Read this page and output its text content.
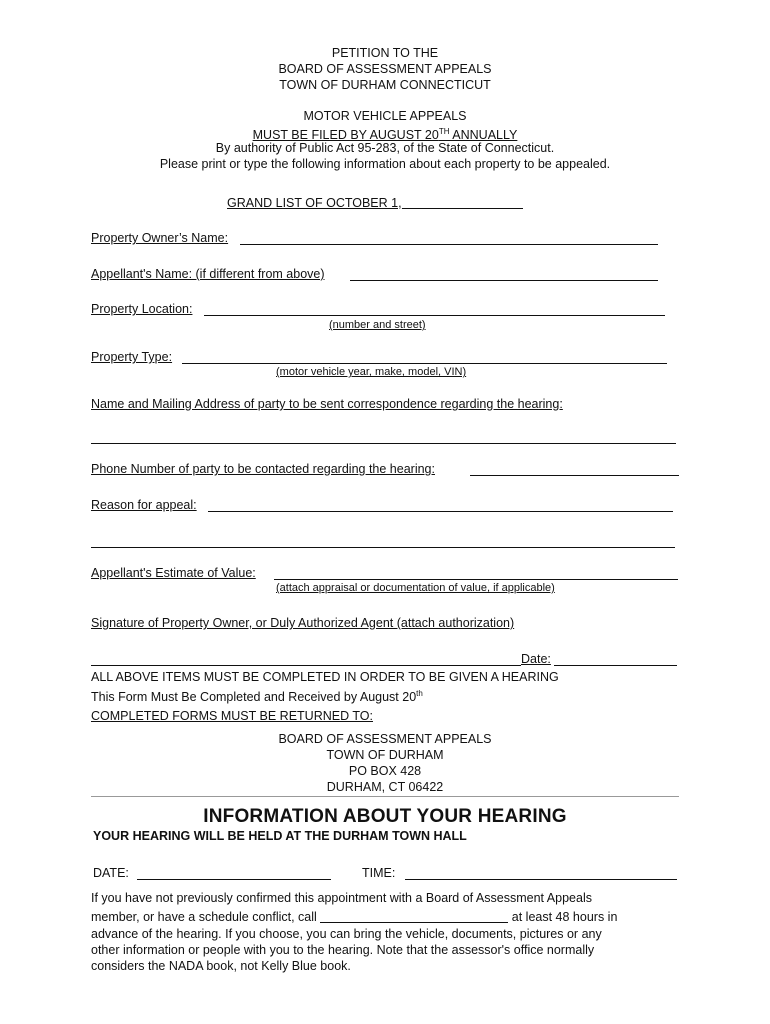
PETITION TO THE
BOARD OF ASSESSMENT APPEALS
TOWN OF DURHAM CONNECTICUT
MOTOR VEHICLE APPEALS
MUST BE FILED BY AUGUST 20TH ANNUALLY
By authority of Public Act 95-283, of the State of Connecticut.
Please print or type the following information about each property to be appealed.
GRAND LIST OF OCTOBER 1,
Property Owner’s Name:
Appellant's Name: (if different from above)
Property Location:
(number and street)
Property Type:
(motor vehicle year, make, model, VIN)
Name and Mailing Address of party to be sent correspondence regarding the hearing:
Phone Number of party to be contacted regarding the hearing:
Reason for appeal:
Appellant's Estimate of Value:
(attach appraisal or documentation of value, if applicable)
Signature of Property Owner, or Duly Authorized Agent (attach authorization)
Date:
ALL ABOVE ITEMS MUST BE COMPLETED IN ORDER TO BE GIVEN A HEARING
This Form Must Be Completed and Received by August 20th
COMPLETED FORMS MUST BE RETURNED TO:
BOARD OF ASSESSMENT APPEALS
TOWN OF DURHAM
PO BOX 428
DURHAM, CT 06422
INFORMATION ABOUT YOUR HEARING
YOUR HEARING WILL BE HELD AT THE DURHAM TOWN HALL
DATE:	TIME:
If you have not previously confirmed this appointment with a Board of Assessment Appeals
member, or have a schedule conflict, call	at least 48 hours in
advance of the hearing. If you choose, you can bring the vehicle, documents, pictures or any
other information or people with you to the hearing. Note that the assessor's office normally
considers the NADA book, not Kelly Blue book.
